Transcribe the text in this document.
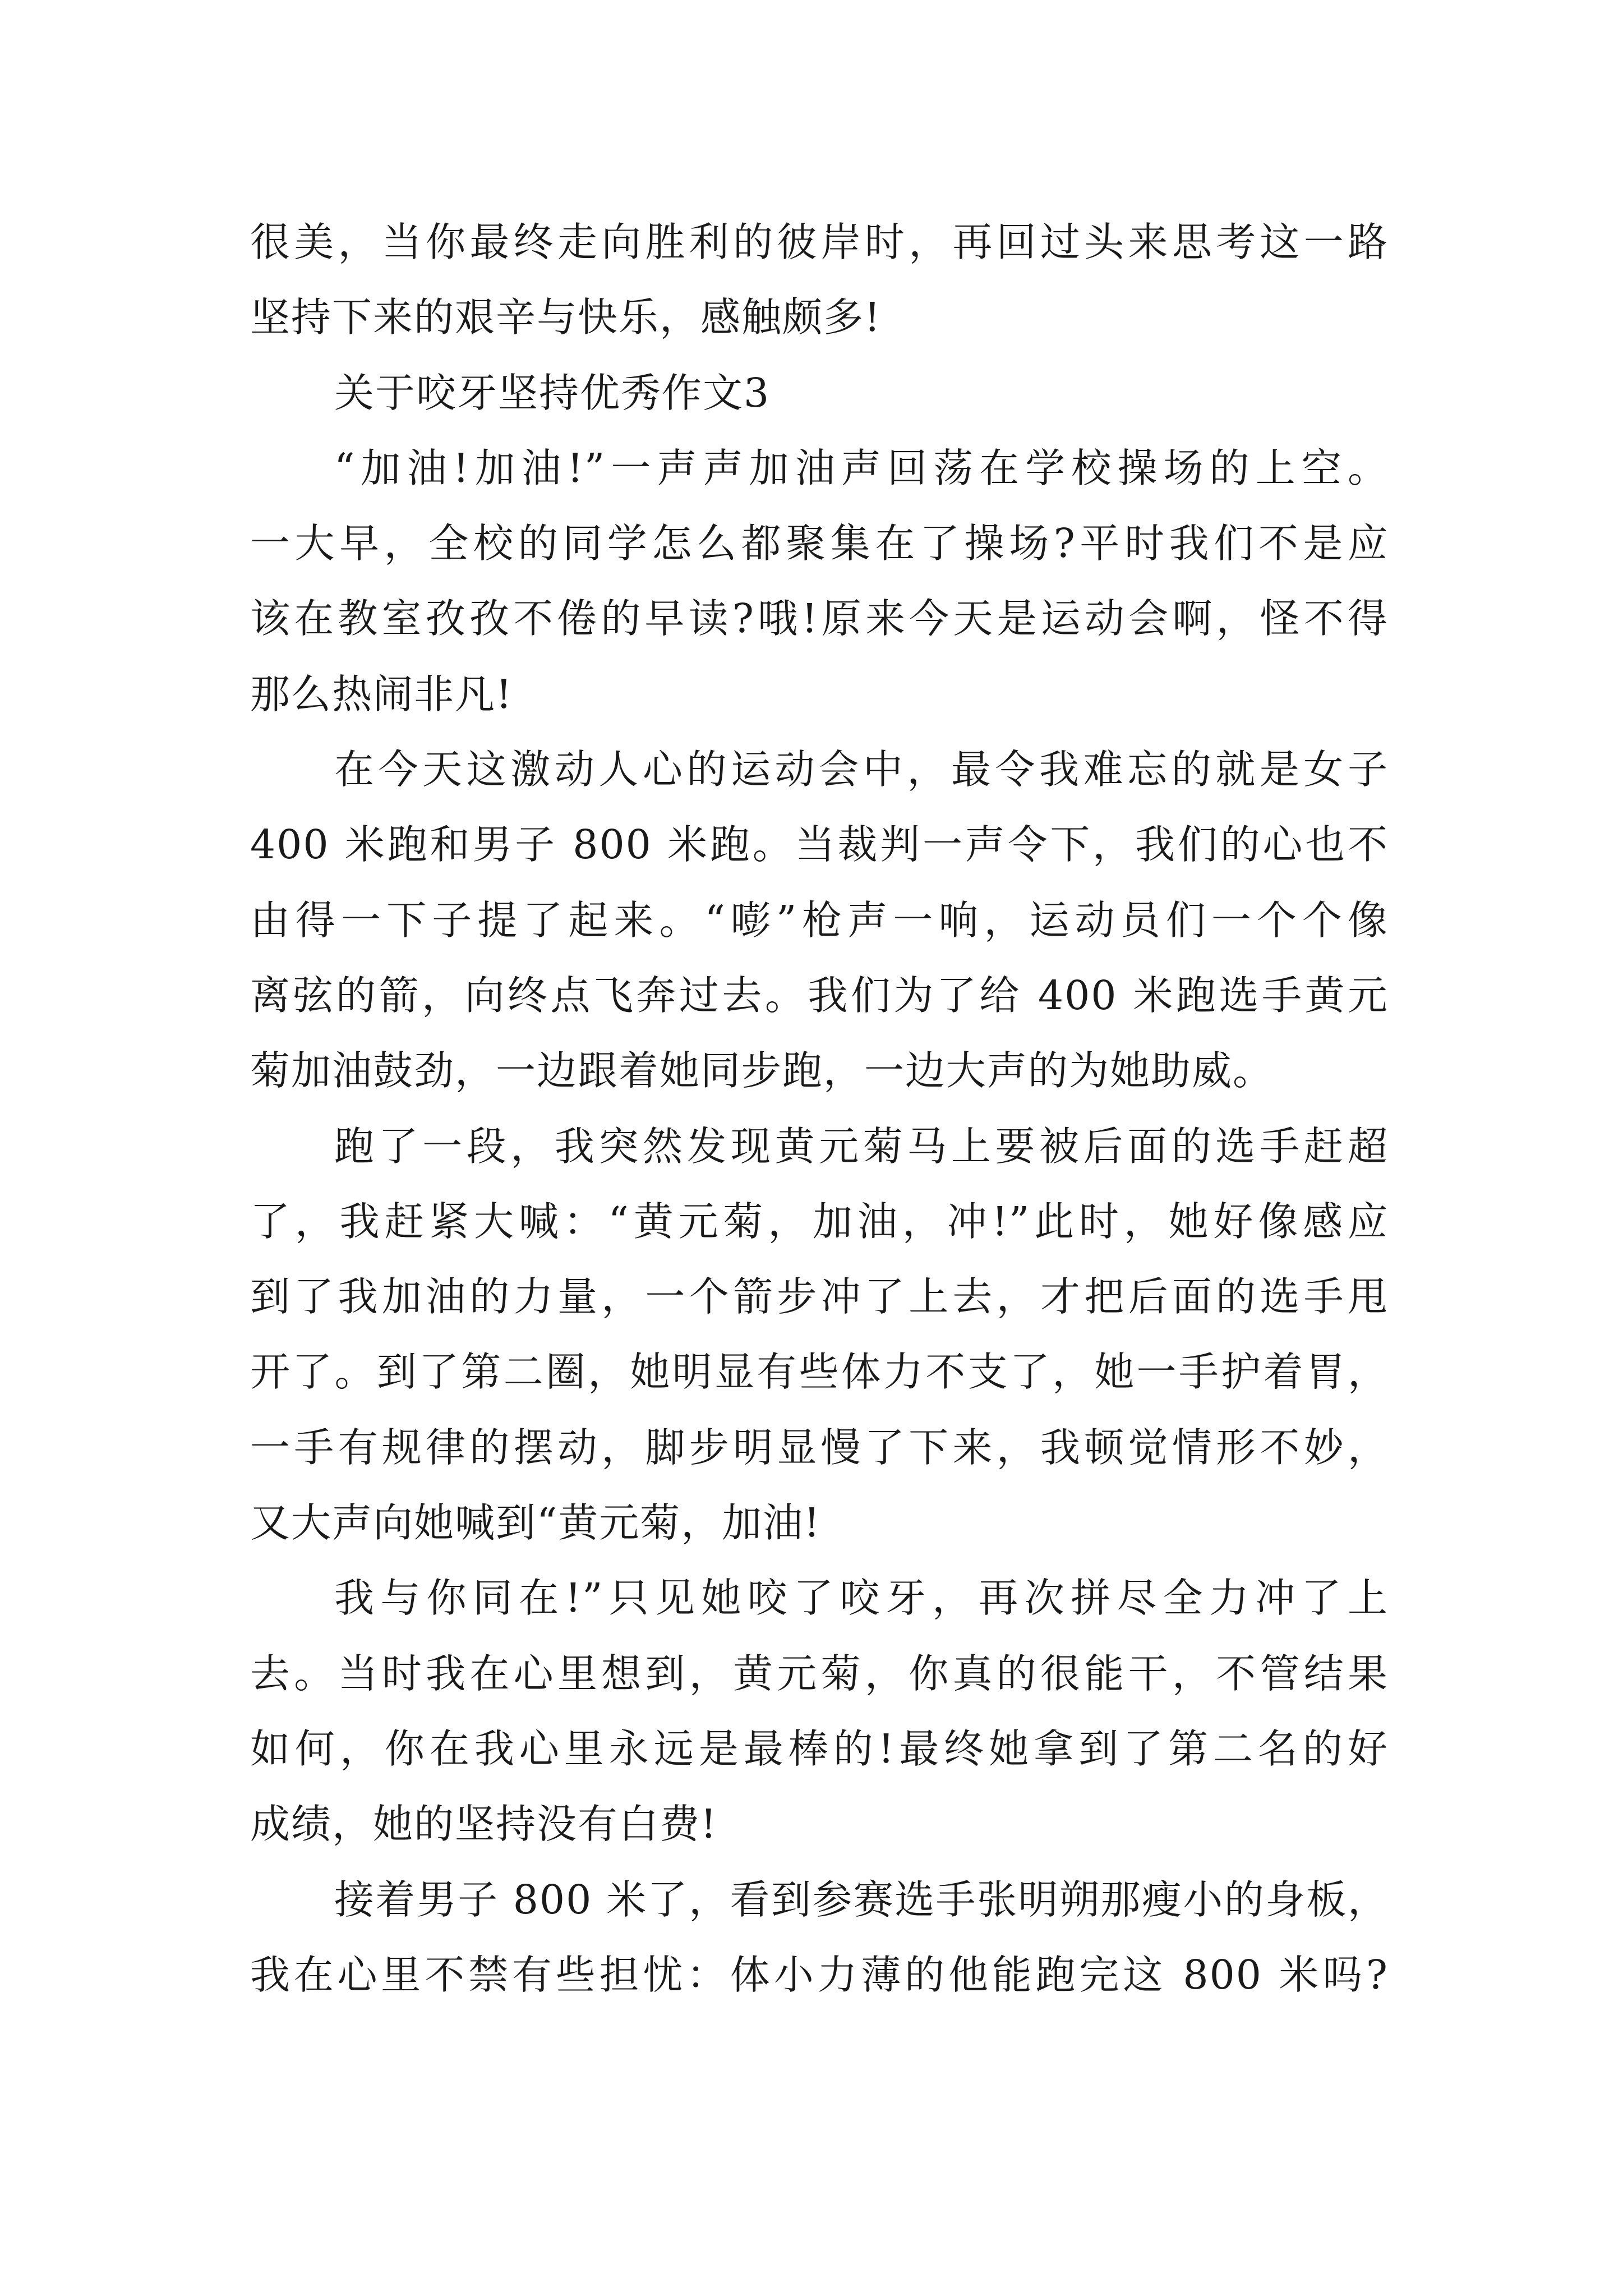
很美，当你最终走向胜利的彼岸时，再回过头来思考这一路
坚持下来的艰辛与快乐，感触颇多!
关于咬牙坚持优秀作文3
“加油!加油!”一声声加油声回荡在学校操场的上空。
一大早，全校的同学怎么都聚集在了操场?平时我们不是应
该在教室孜孜不倦的早读?哦!原来今天是运动会啊，怪不得
那么热闹非凡!
在今天这激动人心的运动会中，最令我难忘的就是女子
400 米跑和男子 800 米跑。当裁判一声令下，我们的心也不
由得一下子提了起来。“嘭”枪声一响，运动员们一个个像
离弦的箭，向终点飞奔过去。我们为了给 400 米跑选手黄元
菊加油鼓劲，一边跟着她同步跑，一边大声的为她助威。
跑了一段，我突然发现黄元菊马上要被后面的选手赶超
了，我赶紧大喊：“黄元菊，加油，冲!”此时，她好像感应
到了我加油的力量，一个箭步冲了上去，才把后面的选手甩
开了。到了第二圈，她明显有些体力不支了，她一手护着胃，
一手有规律的摆动，脚步明显慢了下来，我顿觉情形不妙，
又大声向她喊到“黄元菊，加油!
我与你同在!”只见她咬了咬牙，再次拼尽全力冲了上
去。当时我在心里想到，黄元菊，你真的很能干，不管结果
如何，你在我心里永远是最棒的!最终她拿到了第二名的好
成绩，她的坚持没有白费!
接着男子 800 米了，看到参赛选手张明朔那瘦小的身板，
我在心里不禁有些担忧：体小力薄的他能跑完这 800 米吗?
